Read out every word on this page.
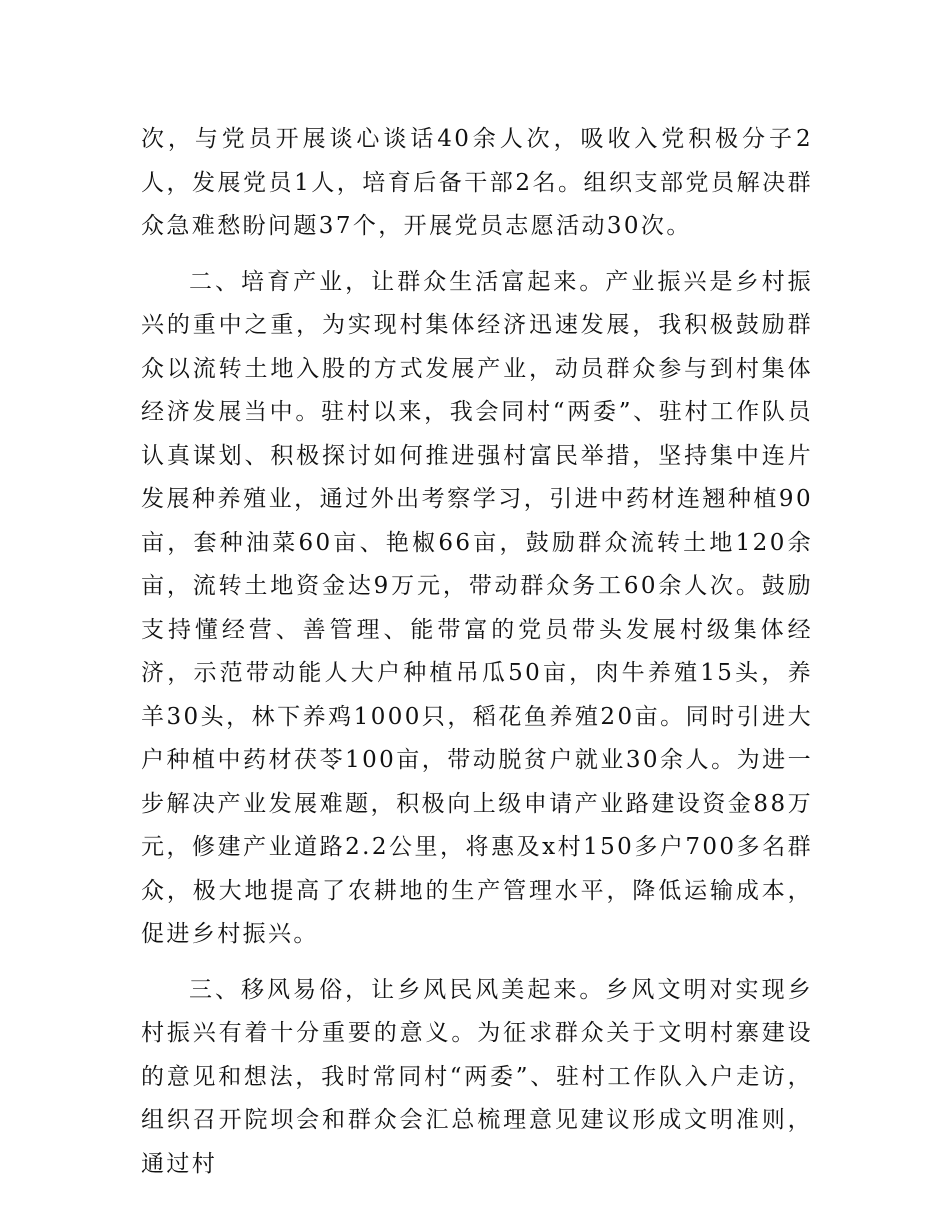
次，与党员开展谈心谈话40余人次，吸收入党积极分子2人，发展党员1人，培育后备干部2名。组织支部党员解决群众急难愁盼问题37个，开展党员志愿活动30次。

二、培育产业，让群众生活富起来。产业振兴是乡村振兴的重中之重，为实现村集体经济迅速发展，我积极鼓励群众以流转土地入股的方式发展产业，动员群众参与到村集体经济发展当中。驻村以来，我会同村“两委”、驻村工作队员认真谋划、积极探讨如何推进强村富民举措，坚持集中连片发展种养殖业，通过外出考察学习，引进中药材连翘种植90亩，套种油菜60亩、艳椒66亩，鼓励群众流转土地120余亩，流转土地资金达9万元，带动群众务工60余人次。鼓励支持懂经营、善管理、能带富的党员带头发展村级集体经济，示范带动能人大户种植吊瓜50亩，肉牛养殖15头，养羊30头，林下养鸡1000只，稻花鱼养殖20亩。同时引进大户种植中药材茯苓100亩，带动脱贫户就业30余人。为进一步解决产业发展难题，积极向上级申请产业路建设资金88万元，修建产业道路2.2公里，将惠及x村150多户700多名群众，极大地提高了农耕地的生产管理水平，降低运输成本，促进乡村振兴。

三、移风易俗，让乡风民风美起来。乡风文明对实现乡村振兴有着十分重要的意义。为征求群众关于文明村寨建设的意见和想法，我时常同村“两委”、驻村工作队入户走访，组织召开院坝会和群众会汇总梳理意见建议形成文明准则，通过村
